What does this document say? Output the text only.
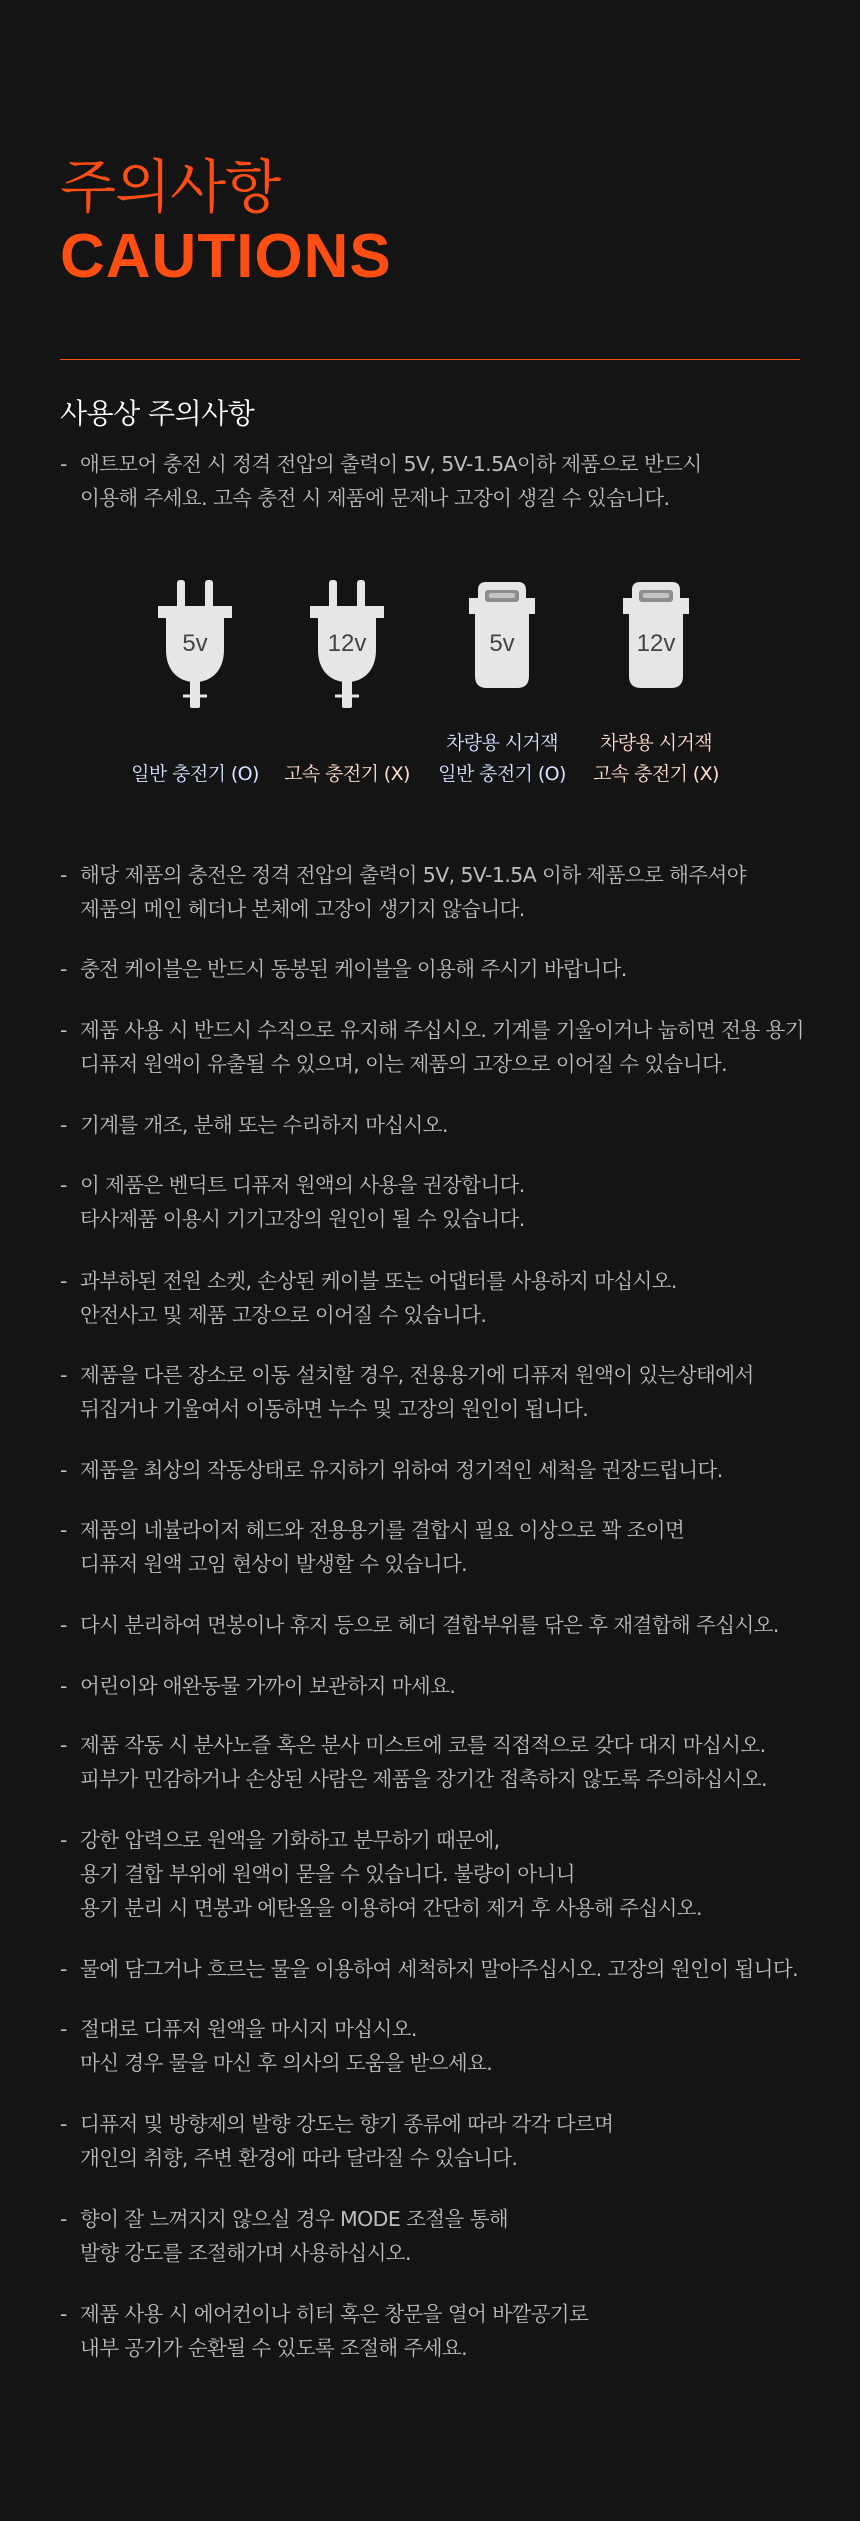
주의사항
CAUTIONS
사용상 주의사항
- 애트모어 충전 시 정격 전압의 출력이 5V, 5V-1.5A이하 제품으로 반드시
이용해 주세요. 고속 충전 시 제품에 문제나 고장이 생길 수 있습니다.
5v
일반 충전기 (O)
12v
고속 충전기 (X)
5v
차량용 시거잭
일반 충전기 (O)
12v
차량용 시거잭
고속 충전기 (X)
- 해당 제품의 충전은 정격 전압의 출력이 5V, 5V-1.5A 이하 제품으로 해주셔야
제품의 메인 헤더나 본체에 고장이 생기지 않습니다.
- 충전 케이블은 반드시 동봉된 케이블을 이용해 주시기 바랍니다.
- 제품 사용 시 반드시 수직으로 유지해 주십시오. 기계를 기울이거나 눕히면 전용 용기
디퓨저 원액이 유출될 수 있으며, 이는 제품의 고장으로 이어질 수 있습니다.
- 기계를 개조, 분해 또는 수리하지 마십시오.
- 이 제품은 벤딕트 디퓨저 원액의 사용을 권장합니다.
타사제품 이용시 기기고장의 원인이 될 수 있습니다.
- 과부하된 전원 소켓, 손상된 케이블 또는 어댑터를 사용하지 마십시오.
안전사고 및 제품 고장으로 이어질 수 있습니다.
- 제품을 다른 장소로 이동 설치할 경우, 전용용기에 디퓨저 원액이 있는상태에서
뒤집거나 기울여서 이동하면 누수 및 고장의 원인이 됩니다.
- 제품을 최상의 작동상태로 유지하기 위하여 정기적인 세척을 권장드립니다.
- 제품의 네뷸라이저 헤드와 전용용기를 결합시 필요 이상으로 꽉 조이면
디퓨저 원액 고임 현상이 발생할 수 있습니다.
- 다시 분리하여 면봉이나 휴지 등으로 헤더 결합부위를 닦은 후 재결합해 주십시오.
- 어린이와 애완동물 가까이 보관하지 마세요.
- 제품 작동 시 분사노즐 혹은 분사 미스트에 코를 직접적으로 갖다 대지 마십시오.
피부가 민감하거나 손상된 사람은 제품을 장기간 접촉하지 않도록 주의하십시오.
- 강한 압력으로 원액을 기화하고 분무하기 때문에,
용기 결합 부위에 원액이 묻을 수 있습니다. 불량이 아니니
용기 분리 시 면봉과 에탄올을 이용하여 간단히 제거 후 사용해 주십시오.
- 물에 담그거나 흐르는 물을 이용하여 세척하지 말아주십시오. 고장의 원인이 됩니다.
- 절대로 디퓨저 원액을 마시지 마십시오.
마신 경우 물을 마신 후 의사의 도움을 받으세요.
- 디퓨저 및 방향제의 발향 강도는 향기 종류에 따라 각각 다르며
개인의 취향, 주변 환경에 따라 달라질 수 있습니다.
- 향이 잘 느껴지지 않으실 경우 MODE 조절을 통해
발향 강도를 조절해가며 사용하십시오.
- 제품 사용 시 에어컨이나 히터 혹은 창문을 열어 바깥공기로
내부 공기가 순환될 수 있도록 조절해 주세요.
